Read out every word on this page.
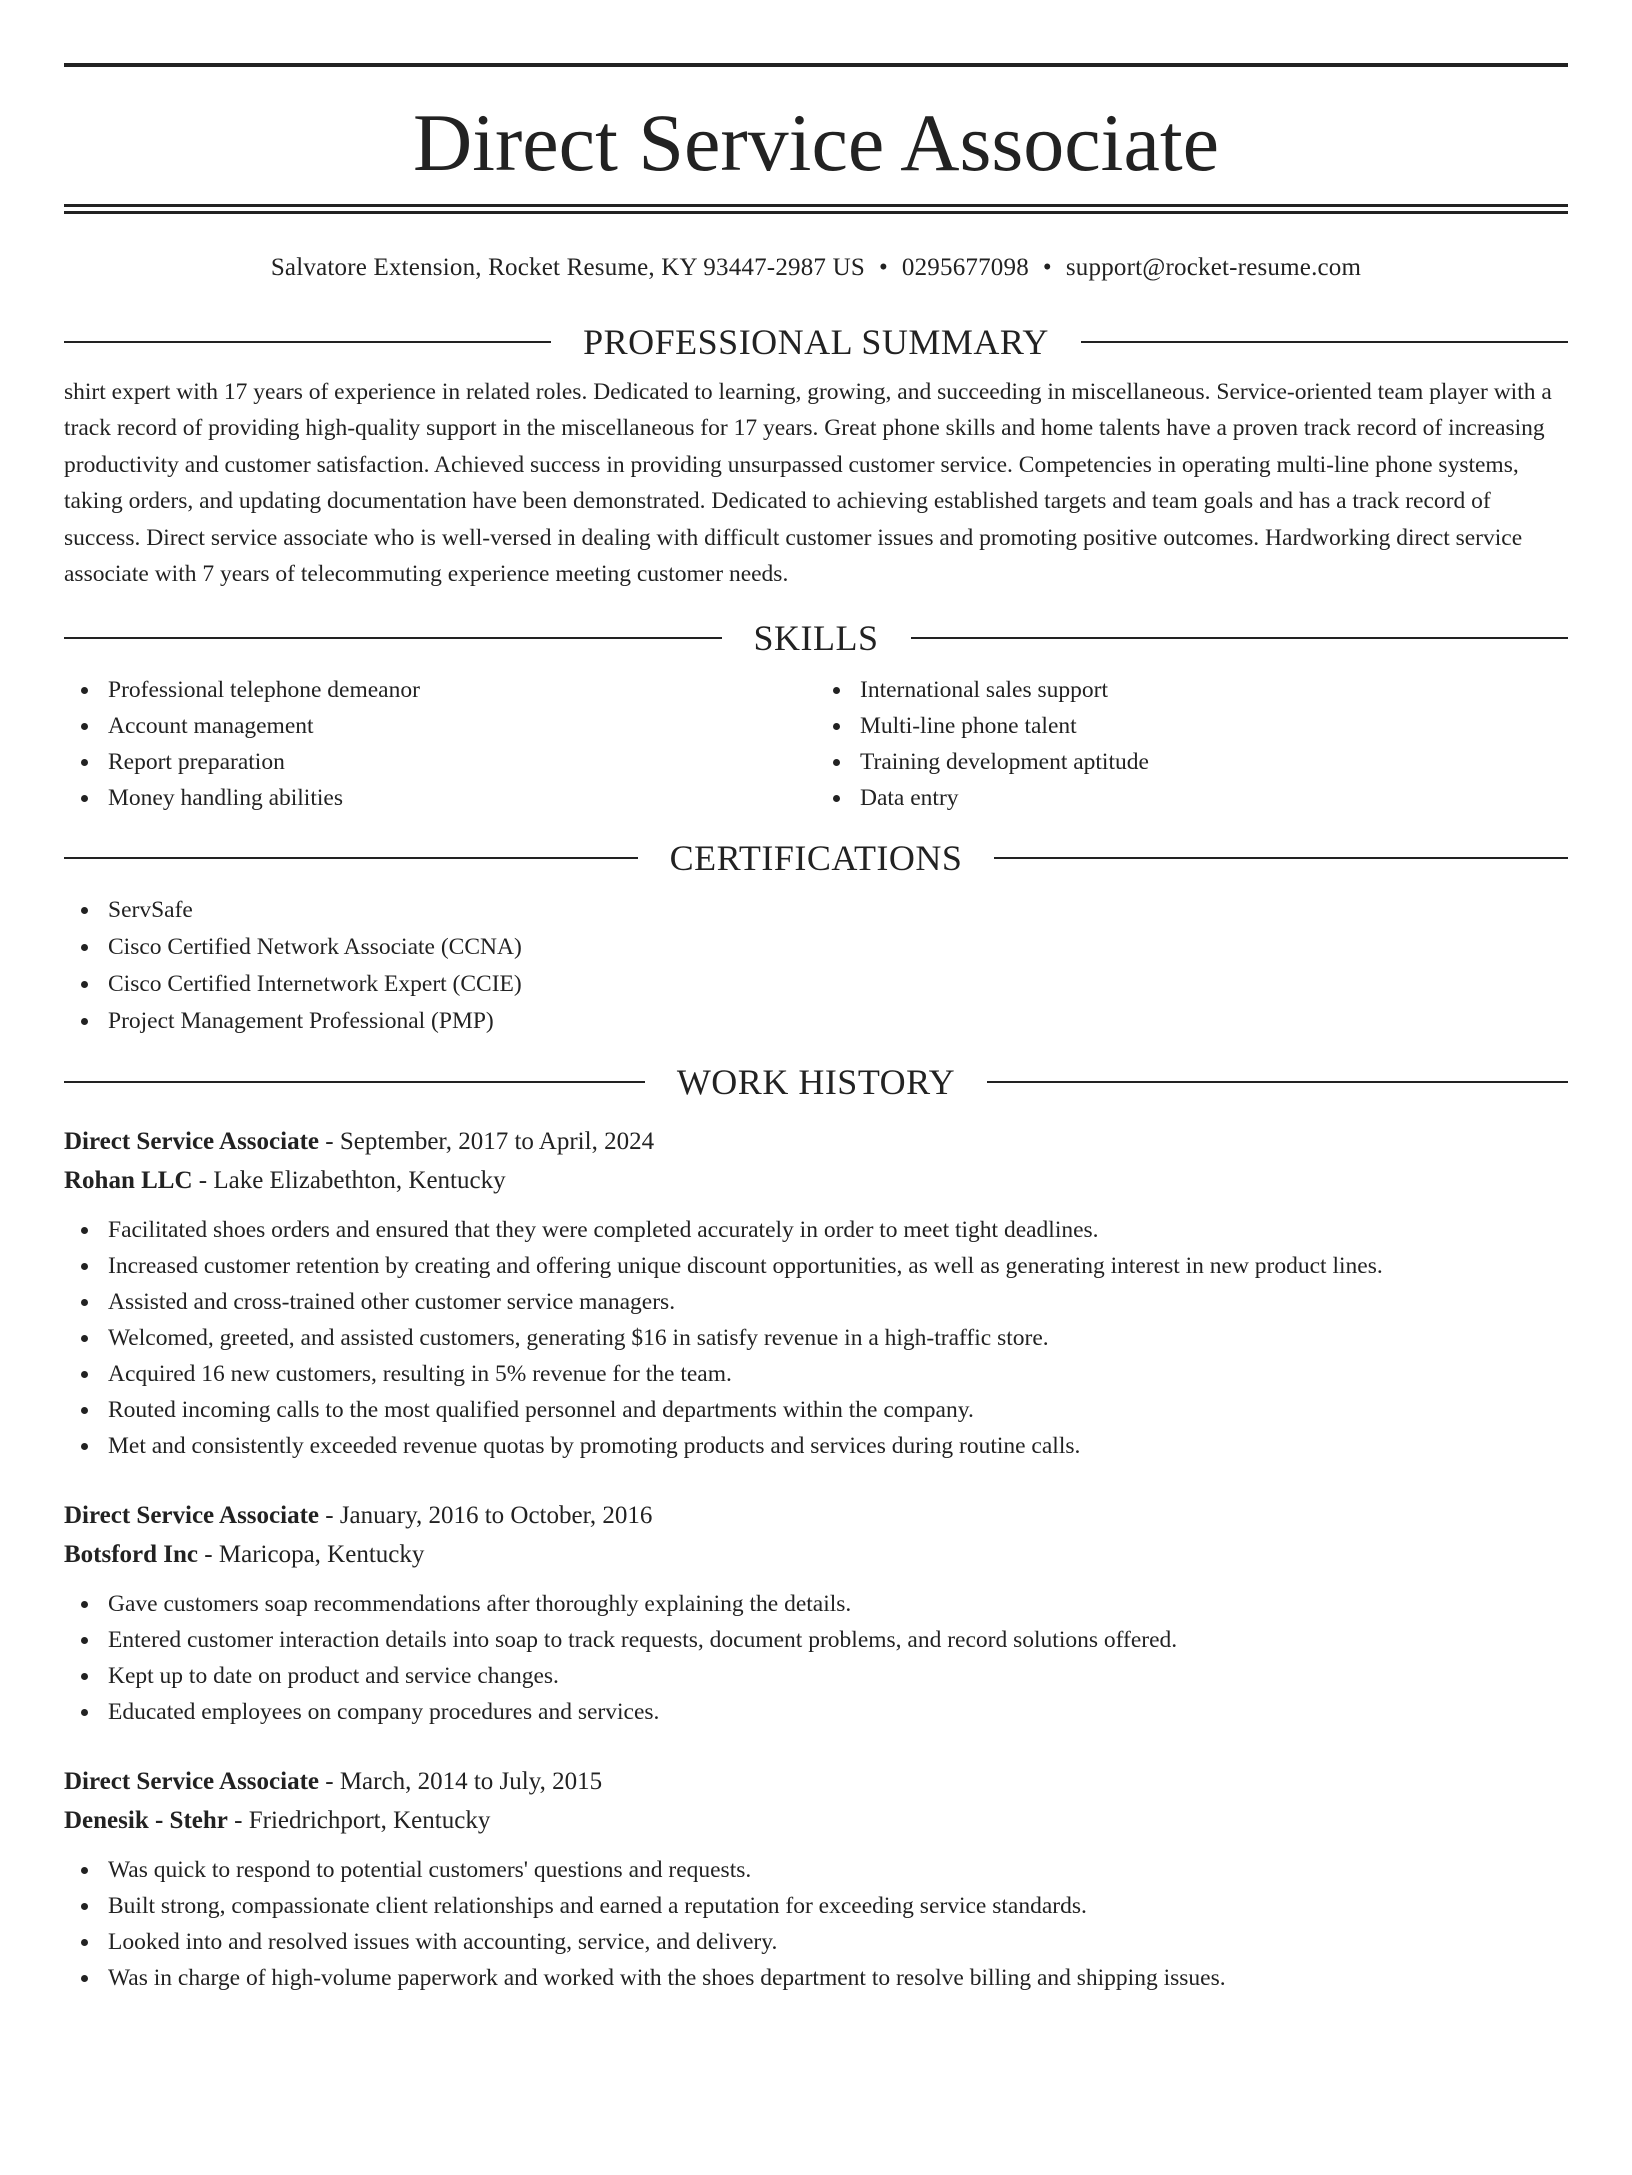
Direct Service Associate
Salvatore Extension, Rocket Resume, KY 93447-2987 US • 0295677098 • support@rocket-resume.com
PROFESSIONAL SUMMARY

shirt expert with 17 years of experience in related roles. Dedicated to learning, growing, and succeeding in miscellaneous. Service-oriented team player with a track record of providing high-quality support in the miscellaneous for 17 years. Great phone skills and home talents have a proven track record of increasing productivity and customer satisfaction. Achieved success in providing unsurpassed customer service. Competencies in operating multi-line phone systems, taking orders, and updating documentation have been demonstrated. Dedicated to achieving established targets and team goals and has a track record of success. Direct service associate who is well-versed in dealing with difficult customer issues and promoting positive outcomes. Hardworking direct service associate with 7 years of telecommuting experience meeting customer needs.

SKILLS
Professional telephone demeanor
Account management
Report preparation
Money handling abilities
International sales support
Multi-line phone talent
Training development aptitude
Data entry
CERTIFICATIONS
ServSafe
Cisco Certified Network Associate (CCNA)
Cisco Certified Internetwork Expert (CCIE)
Project Management Professional (PMP)
WORK HISTORY
Direct Service Associate - September, 2017 to April, 2024
Rohan LLC - Lake Elizabethton, Kentucky
Facilitated shoes orders and ensured that they were completed accurately in order to meet tight deadlines.
Increased customer retention by creating and offering unique discount opportunities, as well as generating interest in new product lines.
Assisted and cross-trained other customer service managers.
Welcomed, greeted, and assisted customers, generating $16 in satisfy revenue in a high-traffic store.
Acquired 16 new customers, resulting in 5% revenue for the team.
Routed incoming calls to the most qualified personnel and departments within the company.
Met and consistently exceeded revenue quotas by promoting products and services during routine calls.
Direct Service Associate - January, 2016 to October, 2016
Botsford Inc - Maricopa, Kentucky
Gave customers soap recommendations after thoroughly explaining the details.
Entered customer interaction details into soap to track requests, document problems, and record solutions offered.
Kept up to date on product and service changes.
Educated employees on company procedures and services.
Direct Service Associate - March, 2014 to July, 2015
Denesik - Stehr - Friedrichport, Kentucky
Was quick to respond to potential customers' questions and requests.
Built strong, compassionate client relationships and earned a reputation for exceeding service standards.
Looked into and resolved issues with accounting, service, and delivery.
Was in charge of high-volume paperwork and worked with the shoes department to resolve billing and shipping issues.
